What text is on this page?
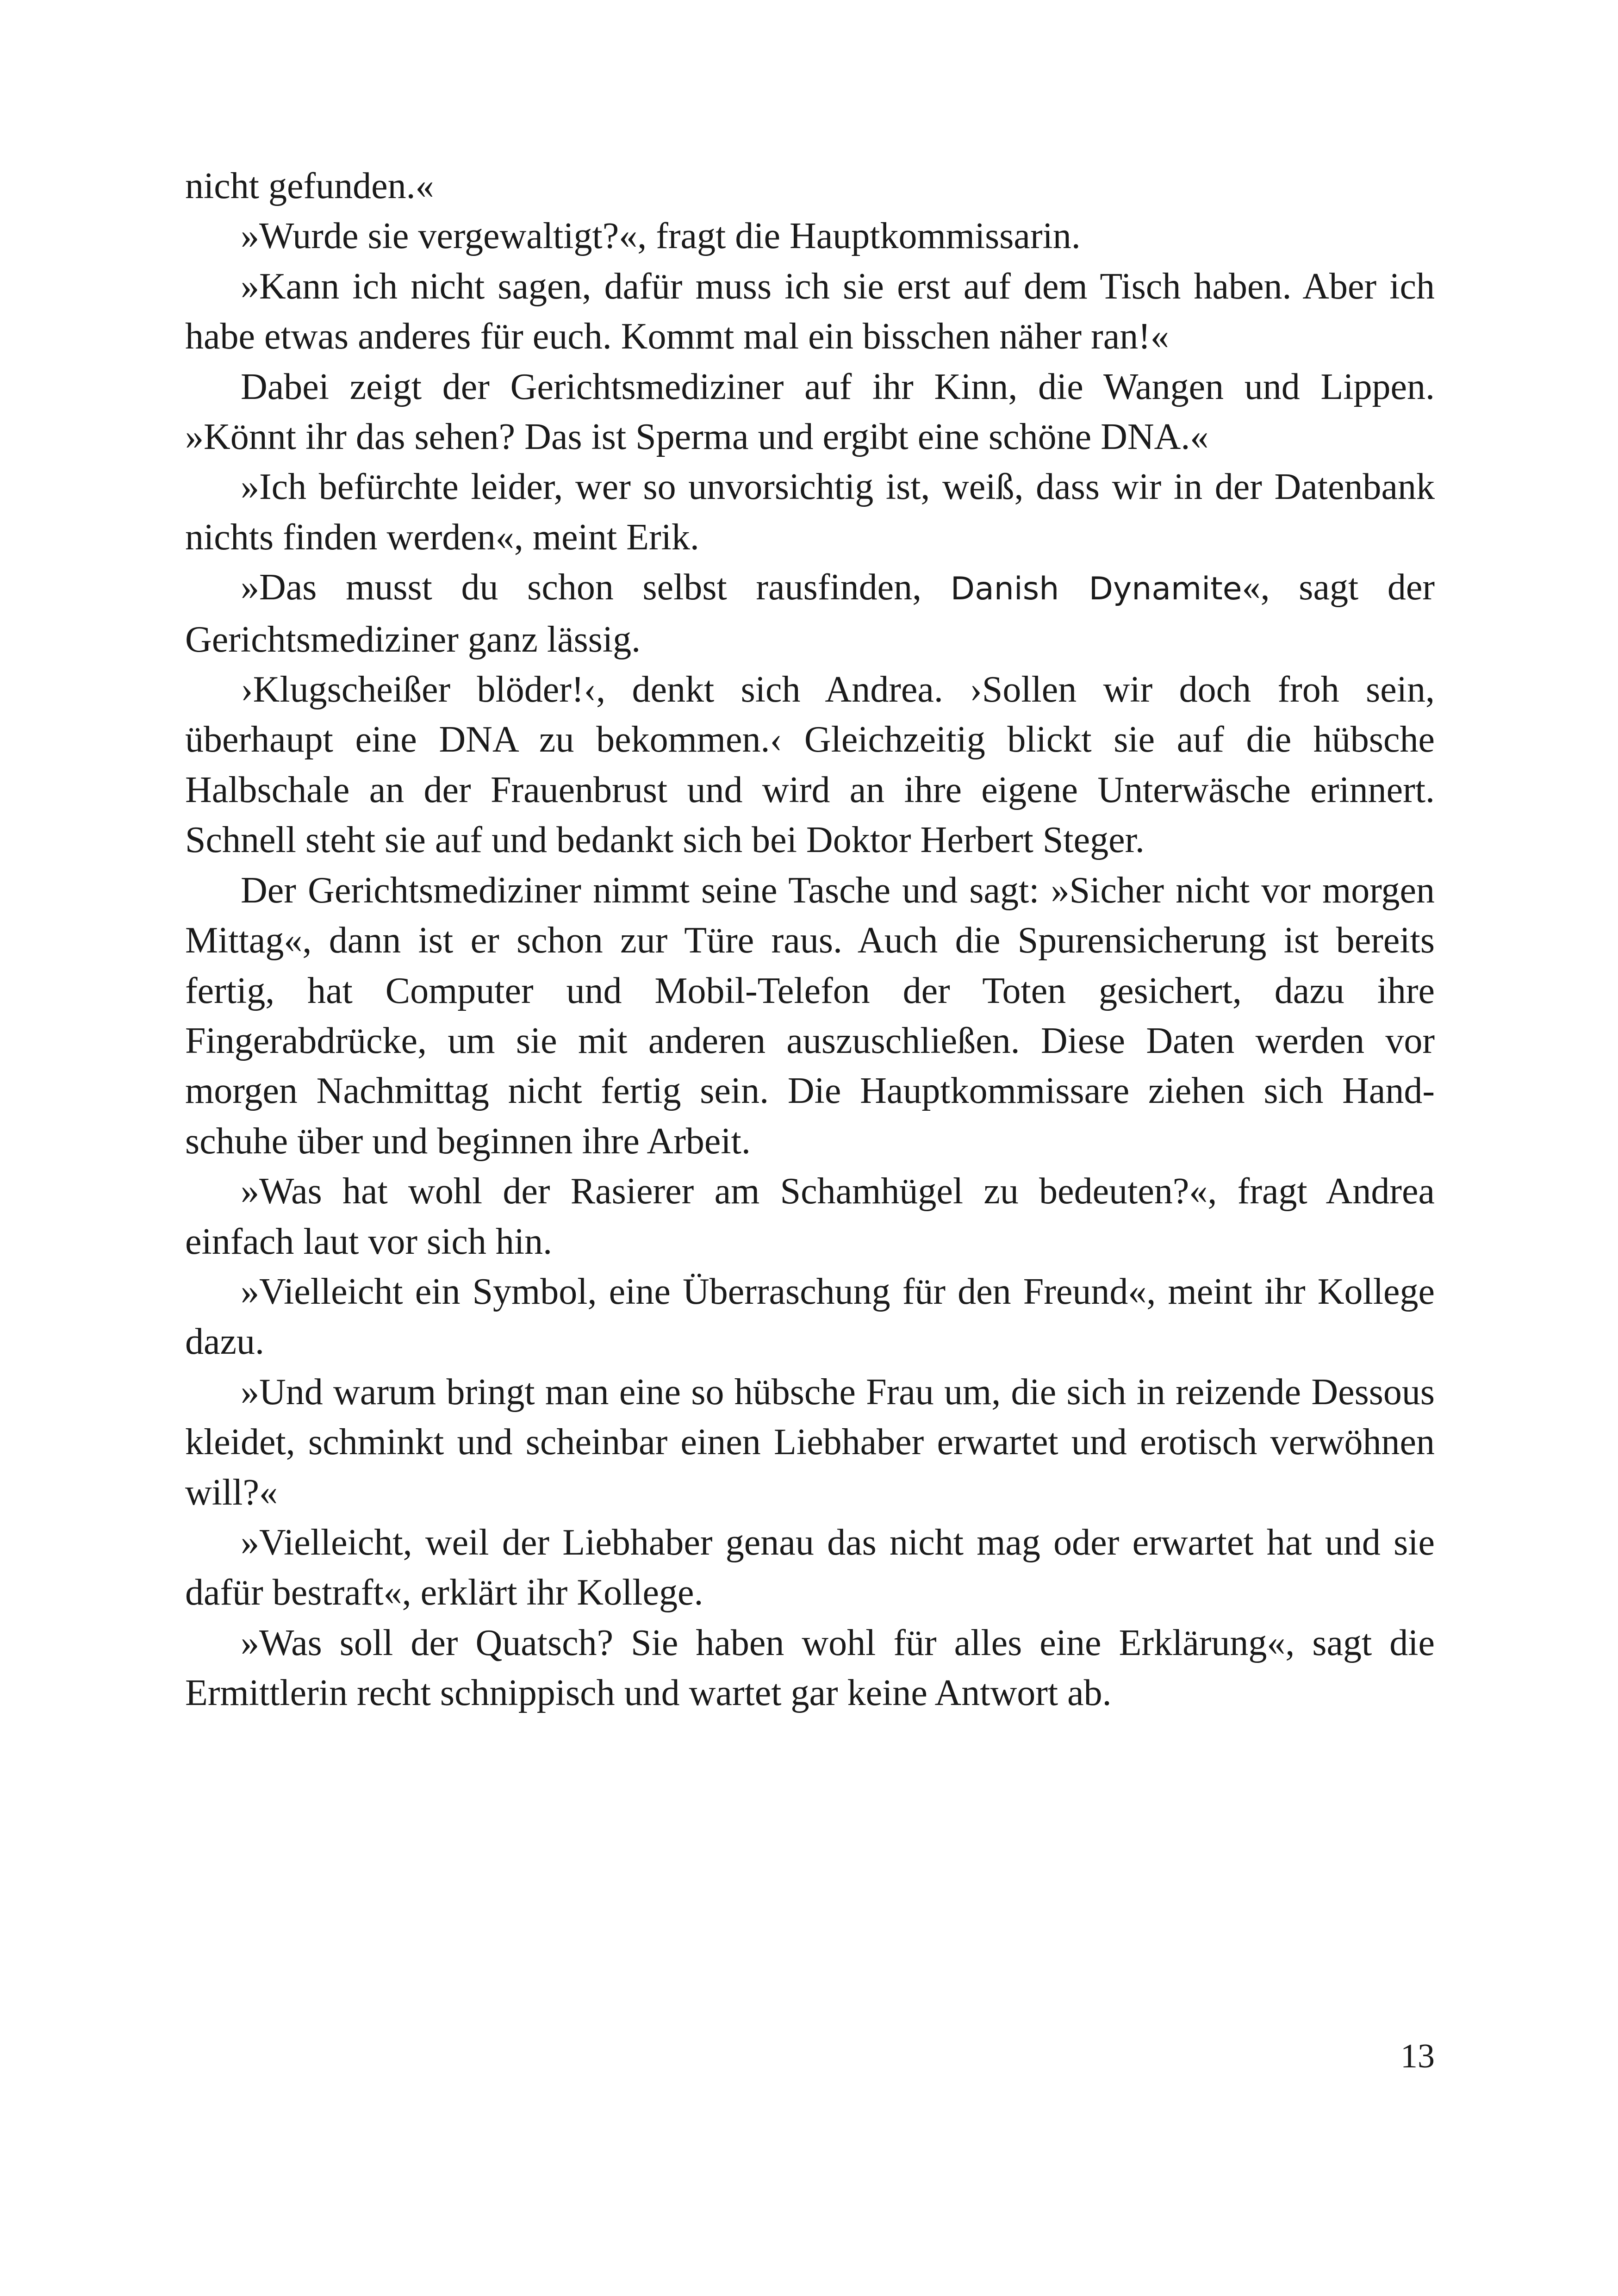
nicht gefunden.«

»Wurde sie vergewaltigt?«, fragt die Hauptkommissarin.

»Kann ich nicht sagen, dafür muss ich sie erst auf dem Tisch haben. Aber ich habe etwas anderes für euch. Kommt mal ein bisschen näher ran!«

Dabei zeigt der Gerichtsmediziner auf ihr Kinn, die Wangen und Lippen. »Könnt ihr das sehen? Das ist Sperma und ergibt eine schöne DNA.«

»Ich befürchte leider, wer so unvorsichtig ist, weiß, dass wir in der Datenbank nichts finden werden«, meint Erik.

»Das musst du schon selbst rausfinden, Danish Dynamite«, sagt der Gerichtsmediziner ganz lässig.

›Klugscheißer blöder!‹, denkt sich Andrea. ›Sollen wir doch froh sein, überhaupt eine DNA zu bekommen.‹ Gleichzeitig blickt sie auf die hübsche Halbschale an der Frauenbrust und wird an ihre eigene Unterwäsche erinnert. Schnell steht sie auf und bedankt sich bei Doktor Herbert Steger.

Der Gerichtsmediziner nimmt seine Tasche und sagt: »Sicher nicht vor morgen Mittag«, dann ist er schon zur Türe raus. Auch die Spurensicherung ist bereits fertig, hat Computer und Mobil-Telefon der Toten gesichert, dazu ihre Fingerabdrücke, um sie mit anderen auszuschließen. Diese Daten werden vor morgen Nachmittag nicht fertig sein. Die Hauptkommissare ziehen sich Handschuhe über und beginnen ihre Arbeit.

»Was hat wohl der Rasierer am Schamhügel zu bedeuten?«, fragt Andrea einfach laut vor sich hin.

»Vielleicht ein Symbol, eine Überraschung für den Freund«, meint ihr Kollege dazu.

»Und warum bringt man eine so hübsche Frau um, die sich in reizende Dessous kleidet, schminkt und scheinbar einen Liebhaber erwartet und erotisch verwöhnen will?«

»Vielleicht, weil der Liebhaber genau das nicht mag oder erwartet hat und sie dafür bestraft«, erklärt ihr Kollege.

»Was soll der Quatsch? Sie haben wohl für alles eine Erklärung«, sagt die Ermittlerin recht schnippisch und wartet gar keine Antwort ab.

13
